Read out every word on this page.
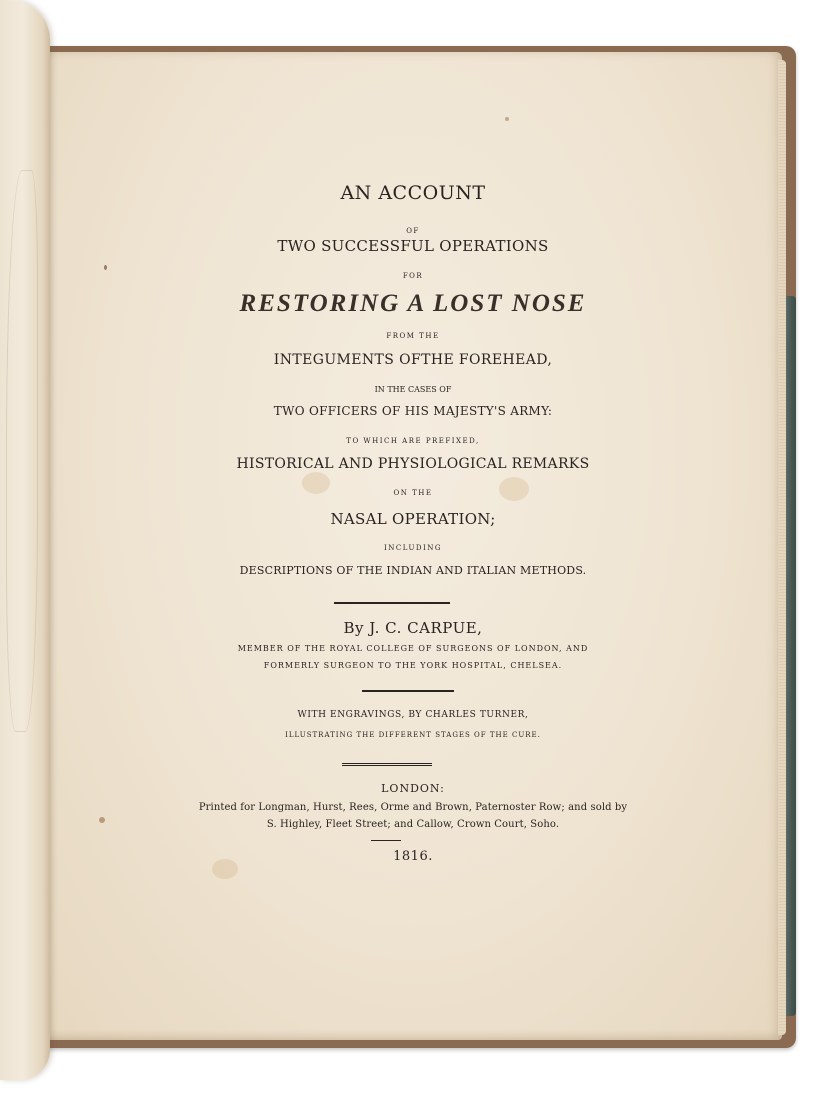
AN ACCOUNT
OF
TWO SUCCESSFUL OPERATIONS
FOR
RESTORING A LOST NOSE
FROM THE
INTEGUMENTS OFTHE FOREHEAD,
IN THE CASES OF
TWO OFFICERS OF HIS MAJESTY'S ARMY:
TO WHICH ARE PREFIXED,
HISTORICAL AND PHYSIOLOGICAL REMARKS
ON THE
NASAL OPERATION;
INCLUDING
DESCRIPTIONS OF THE INDIAN AND ITALIAN METHODS.
By J. C. CARPUE,
MEMBER OF THE ROYAL COLLEGE OF SURGEONS OF LONDON, AND
FORMERLY SURGEON TO THE YORK HOSPITAL, CHELSEA.
WITH ENGRAVINGS, BY CHARLES TURNER,
ILLUSTRATING THE DIFFERENT STAGES OF THE CURE.
LONDON:
Printed for Longman, Hurst, Rees, Orme and Brown, Paternoster Row; and sold by
S. Highley, Fleet Street; and Callow, Crown Court, Soho.
1816.
